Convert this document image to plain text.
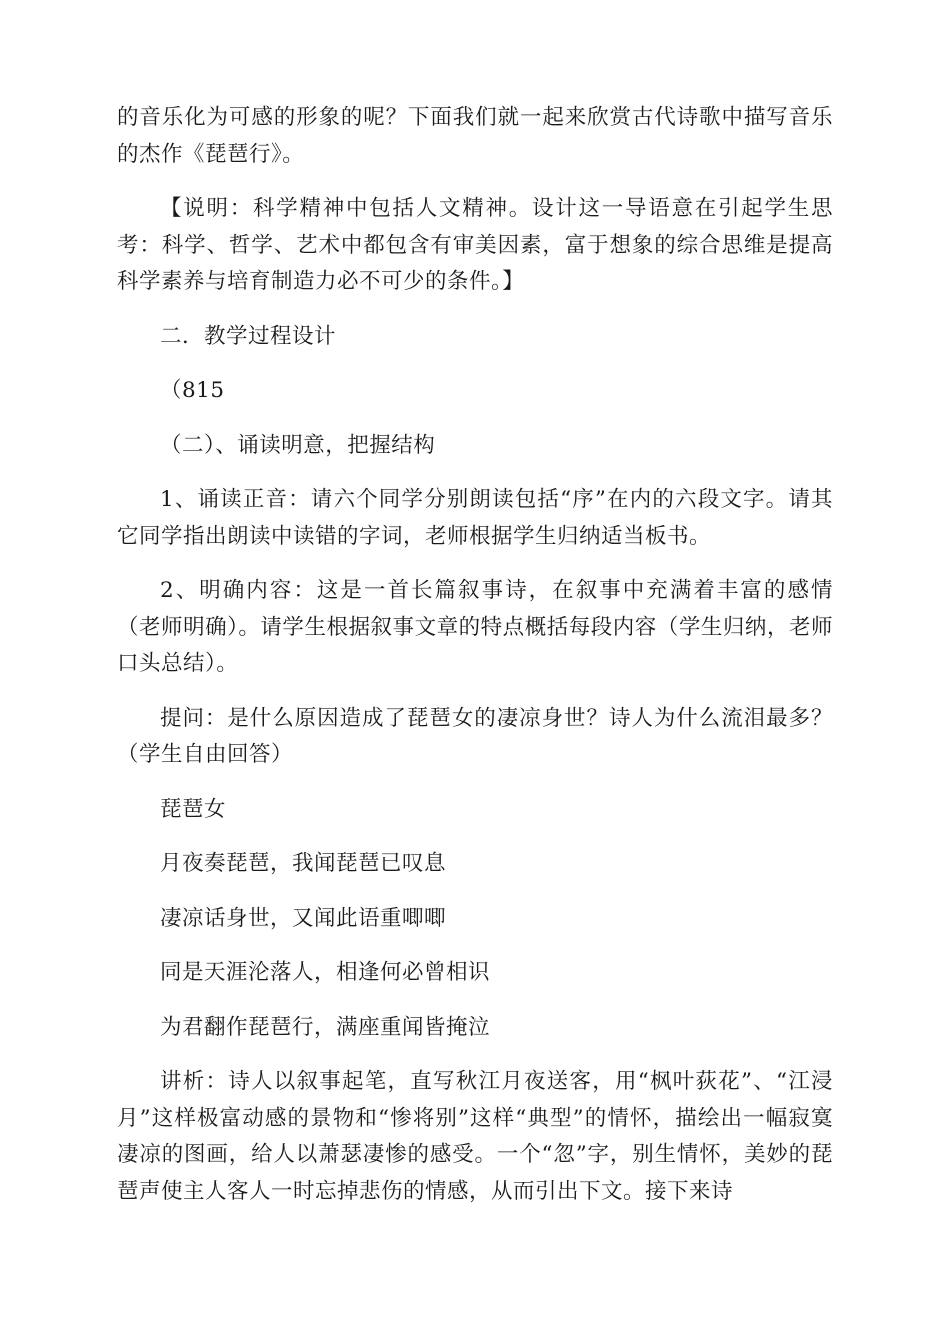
的音乐化为可感的形象的呢？下面我们就一起来欣赏古代诗歌中描写音乐的杰作《琵琶行》。

【说明：科学精神中包括人文精神。设计这一导语意在引起学生思考：科学、哲学、艺术中都包含有审美因素，富于想象的综合思维是提高科学素养与培育制造力必不可少的条件。】

二．教学过程设计

（815

（二）、诵读明意，把握结构

1、诵读正音：请六个同学分别朗读包括“序”在内的六段文字。请其它同学指出朗读中读错的字词，老师根据学生归纳适当板书。

2、明确内容：这是一首长篇叙事诗，在叙事中充满着丰富的感情（老师明确）。请学生根据叙事文章的特点概括每段内容（学生归纳，老师口头总结）。

提问：是什么原因造成了琵琶女的凄凉身世？诗人为什么流泪最多？（学生自由回答）

琵琶女

月夜奏琵琶，我闻琵琶已叹息

凄凉话身世，又闻此语重唧唧

同是天涯沦落人，相逢何必曾相识

为君翻作琵琶行，满座重闻皆掩泣

讲析：诗人以叙事起笔，直写秋江月夜送客，用“枫叶荻花”、“江浸月”这样极富动感的景物和“惨将别”这样“典型”的情怀，描绘出一幅寂寞凄凉的图画，给人以萧瑟凄惨的感受。一个“忽”字，别生情怀，美妙的琵琶声使主人客人一时忘掉悲伤的情感，从而引出下文。接下来诗
